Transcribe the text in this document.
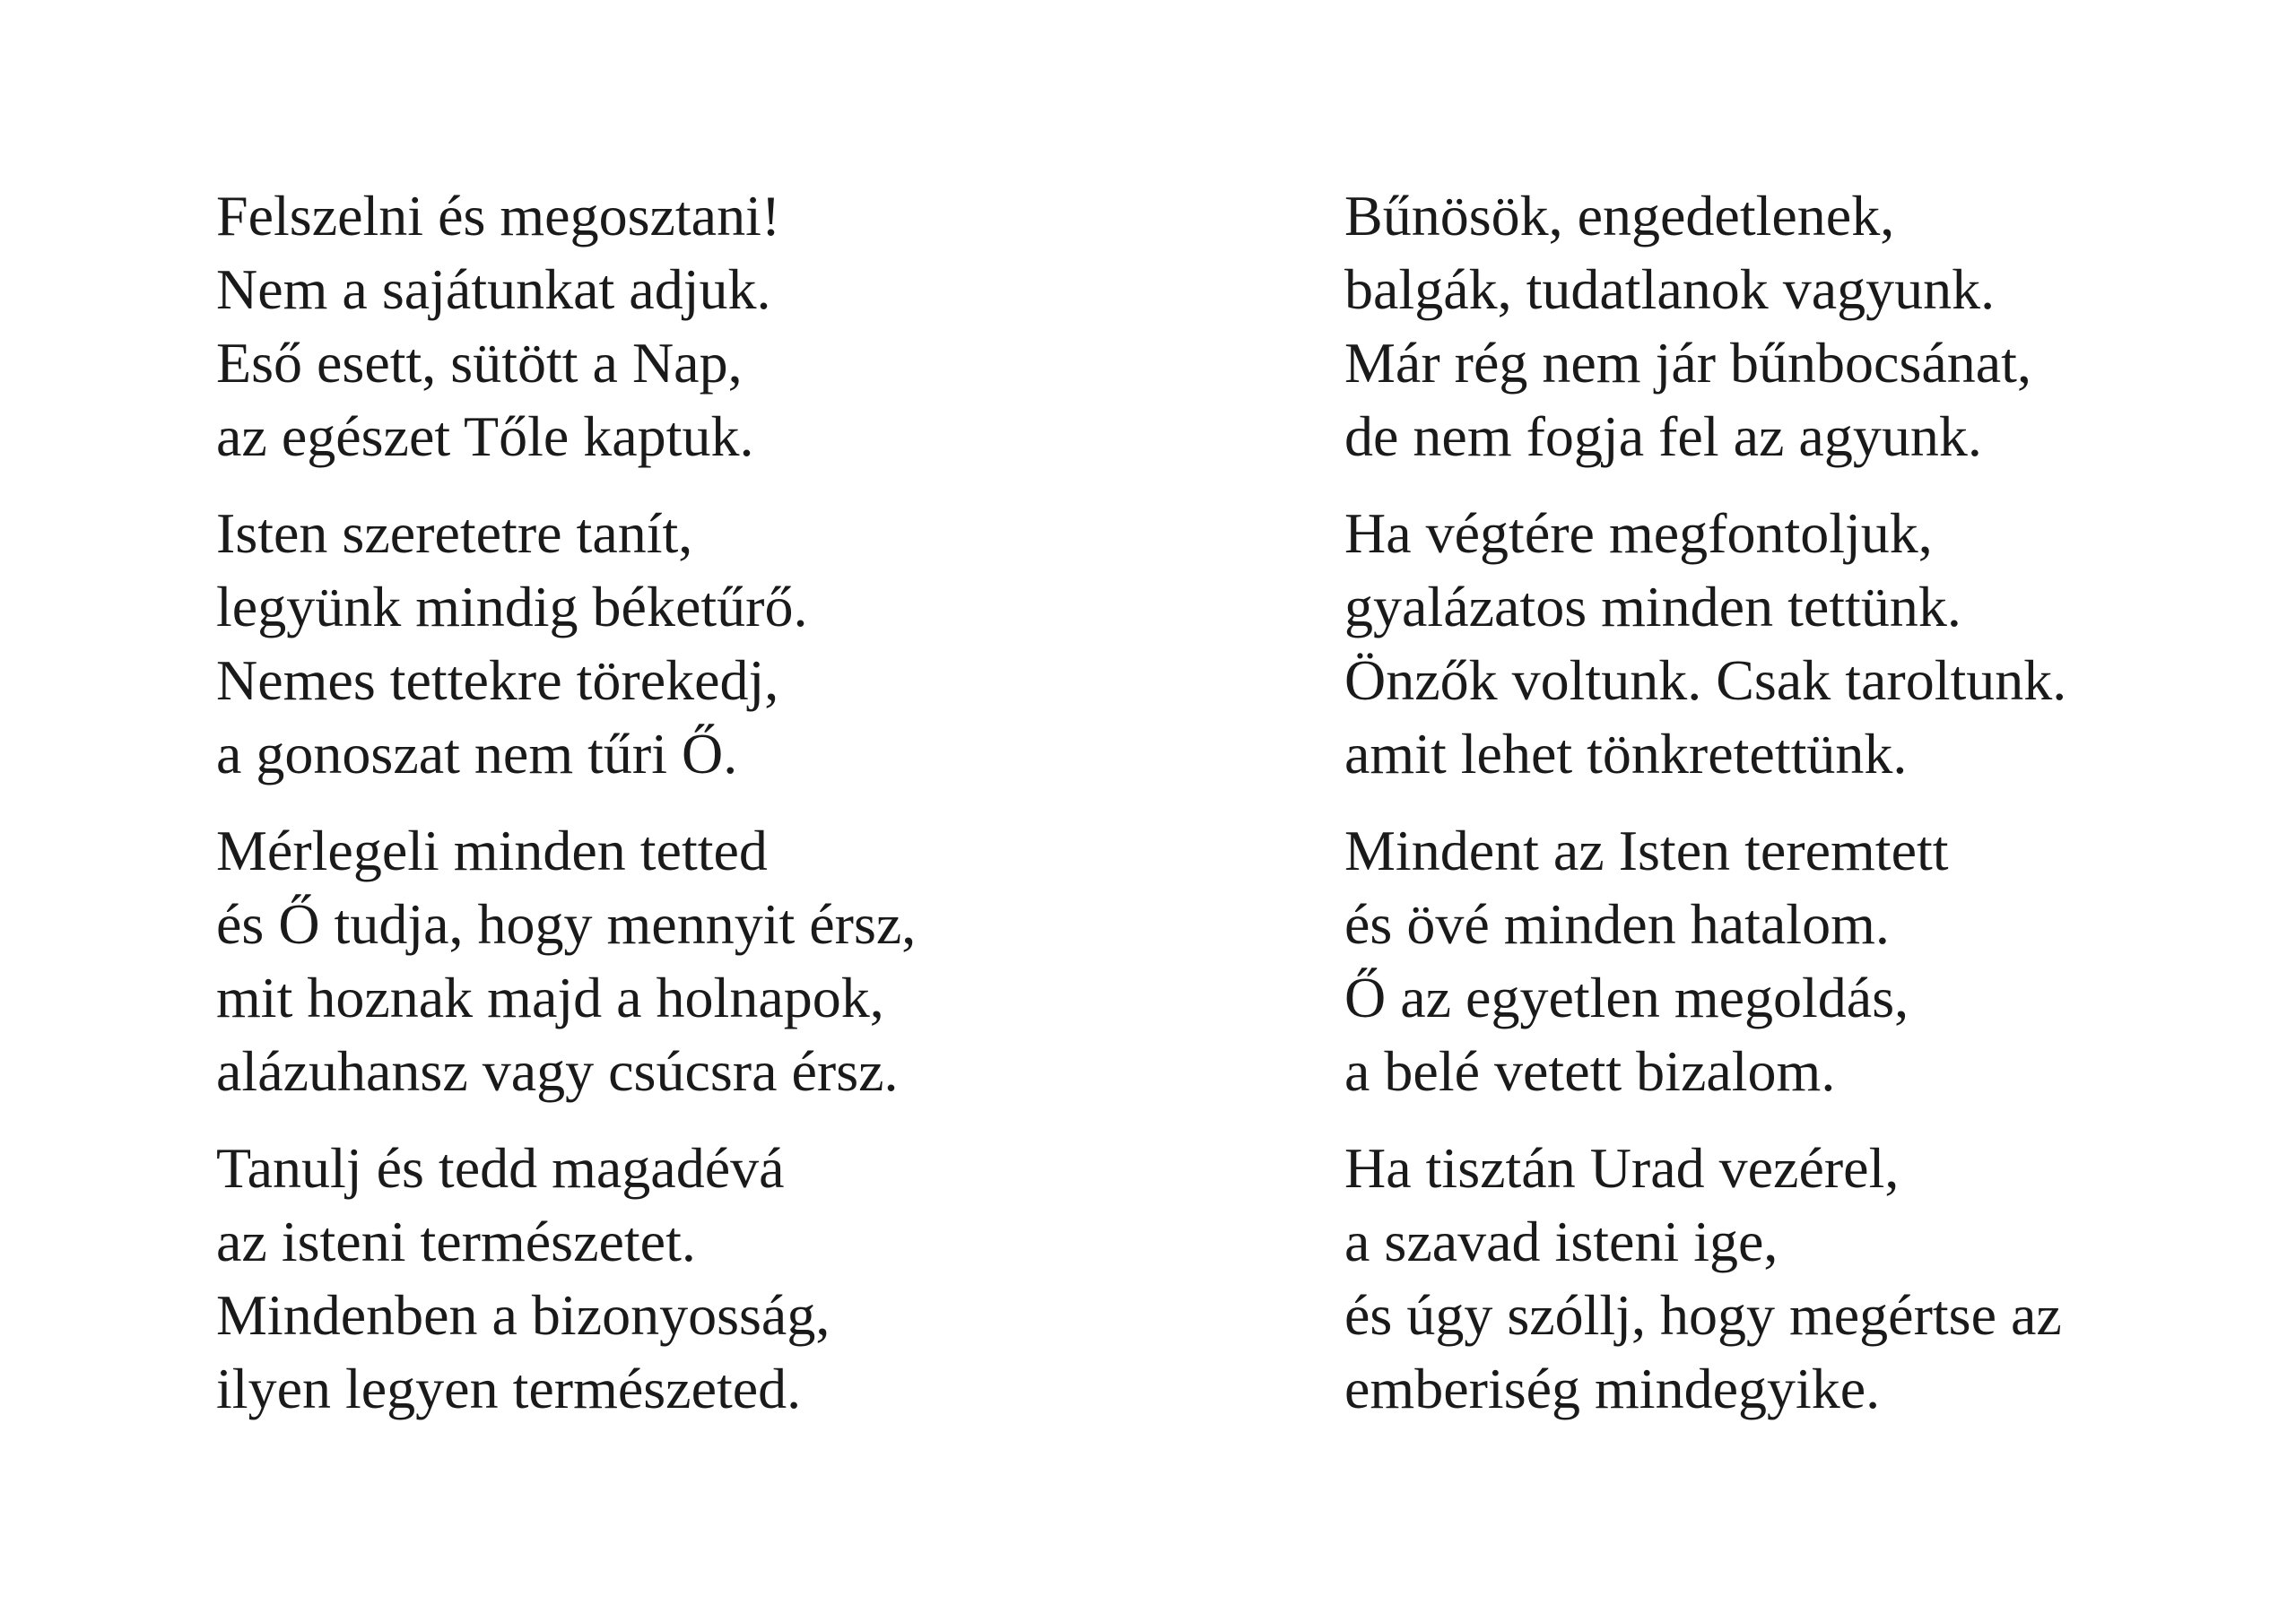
Felszelni és megosztani!
Nem a sajátunkat adjuk.
Eső esett, sütött a Nap,
az egészet Tőle kaptuk.
Isten szeretetre tanít,
legyünk mindig béketűrő.
Nemes tettekre törekedj,
a gonoszat nem tűri Ő.
Mérlegeli minden tetted
és Ő tudja, hogy mennyit érsz,
mit hoznak majd a holnapok,
alázuhansz vagy csúcsra érsz.
Tanulj és tedd magadévá
az isteni természetet.
Mindenben a bizonyosság,
ilyen legyen természeted.
Bűnösök, engedetlenek,
balgák, tudatlanok vagyunk.
Már rég nem jár bűnbocsánat,
de nem fogja fel az agyunk.
Ha végtére megfontoljuk,
gyalázatos minden tettünk.
Önzők voltunk. Csak taroltunk.
amit lehet tönkretettünk.
Mindent az Isten teremtett
és övé minden hatalom.
Ő az egyetlen megoldás,
a belé vetett bizalom.
Ha tisztán Urad vezérel,
a szavad isteni ige,
és úgy szóllj, hogy megértse az
emberiség mindegyike.
